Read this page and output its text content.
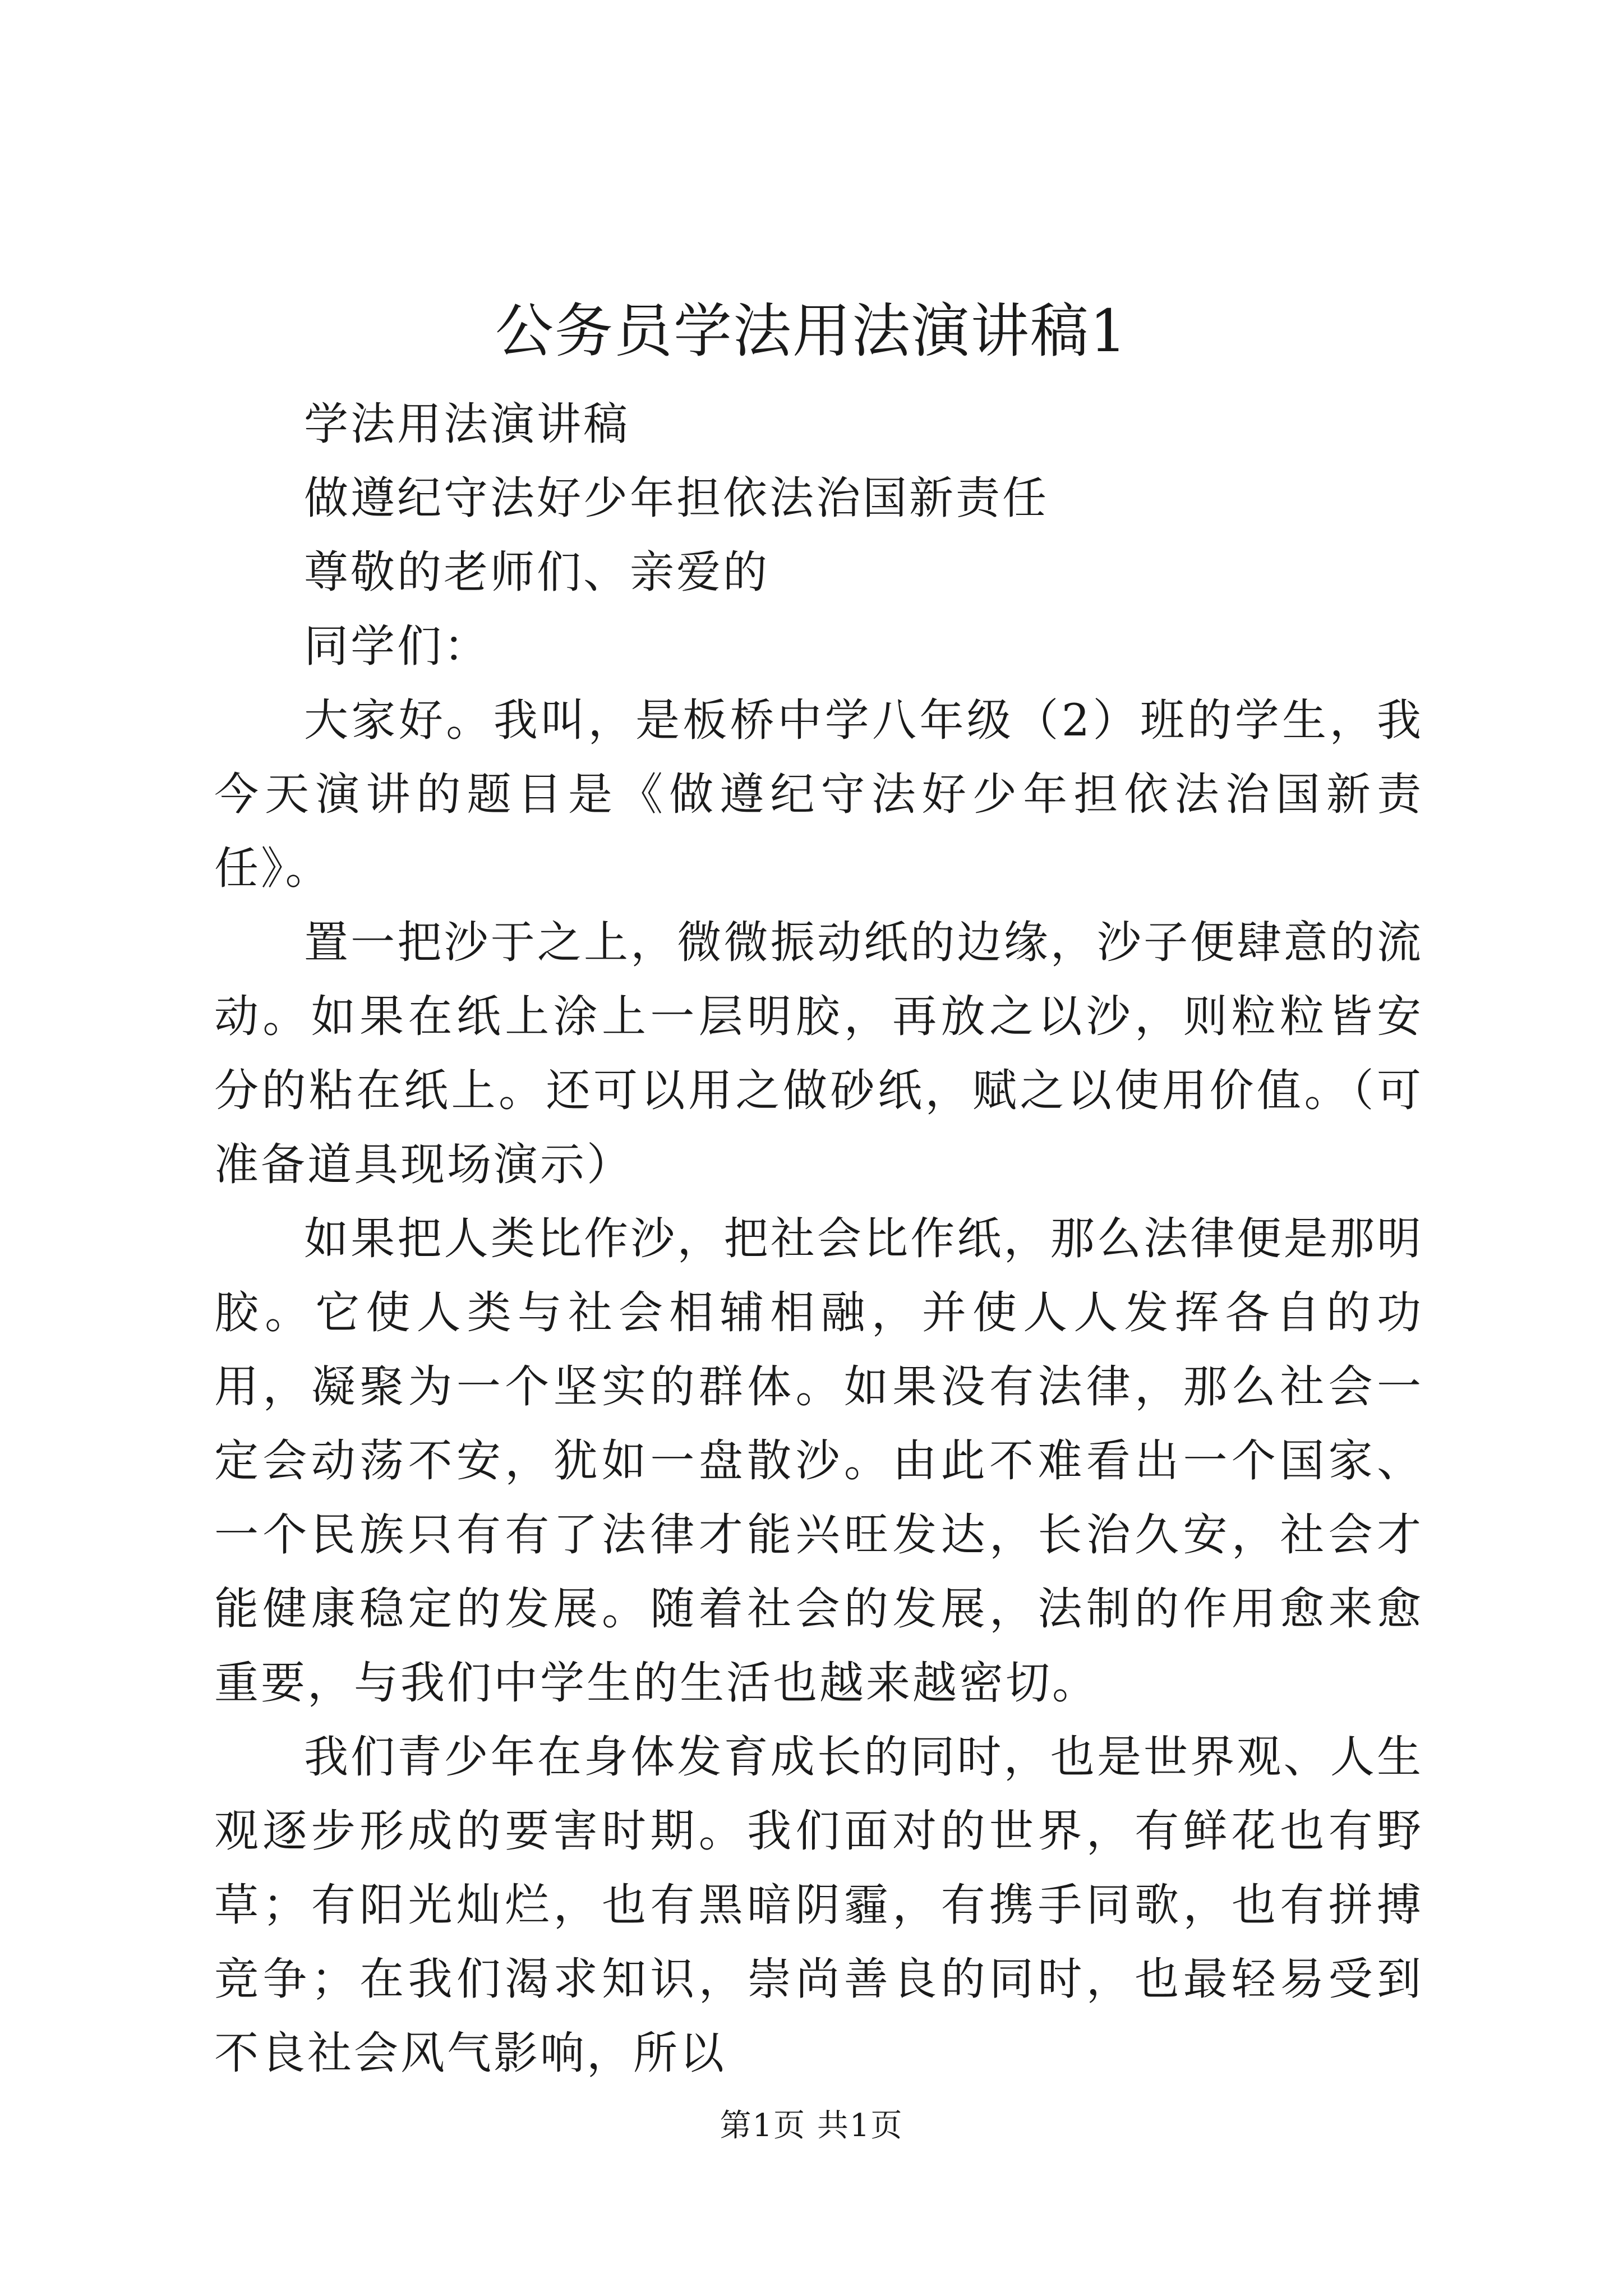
公务员学法用法演讲稿1

学法用法演讲稿

做遵纪守法好少年担依法治国新责任

尊敬的老师们、亲爱的

同学们：

大家好。我叫，是板桥中学八年级（2）班的学生，我今天演讲的题目是《做遵纪守法好少年担依法治国新责任》。

置一把沙于之上，微微振动纸的边缘，沙子便肆意的流动。如果在纸上涂上一层明胶，再放之以沙，则粒粒皆安分的粘在纸上。还可以用之做砂纸，赋之以使用价值。（可准备道具现场演示）

如果把人类比作沙，把社会比作纸，那么法律便是那明胶。它使人类与社会相辅相融，并使人人发挥各自的功用，凝聚为一个坚实的群体。如果没有法律，那么社会一定会动荡不安，犹如一盘散沙。由此不难看出一个国家、一个民族只有有了法律才能兴旺发达，长治久安，社会才能健康稳定的发展。随着社会的发展，法制的作用愈来愈重要，与我们中学生的生活也越来越密切。

我们青少年在身体发育成长的同时，也是世界观、人生观逐步形成的要害时期。我们面对的世界，有鲜花也有野草；有阳光灿烂，也有黑暗阴霾，有携手同歌，也有拼搏竞争；在我们渴求知识，崇尚善良的同时，也最轻易受到不良社会风气影响，所以

第1页 共1页
